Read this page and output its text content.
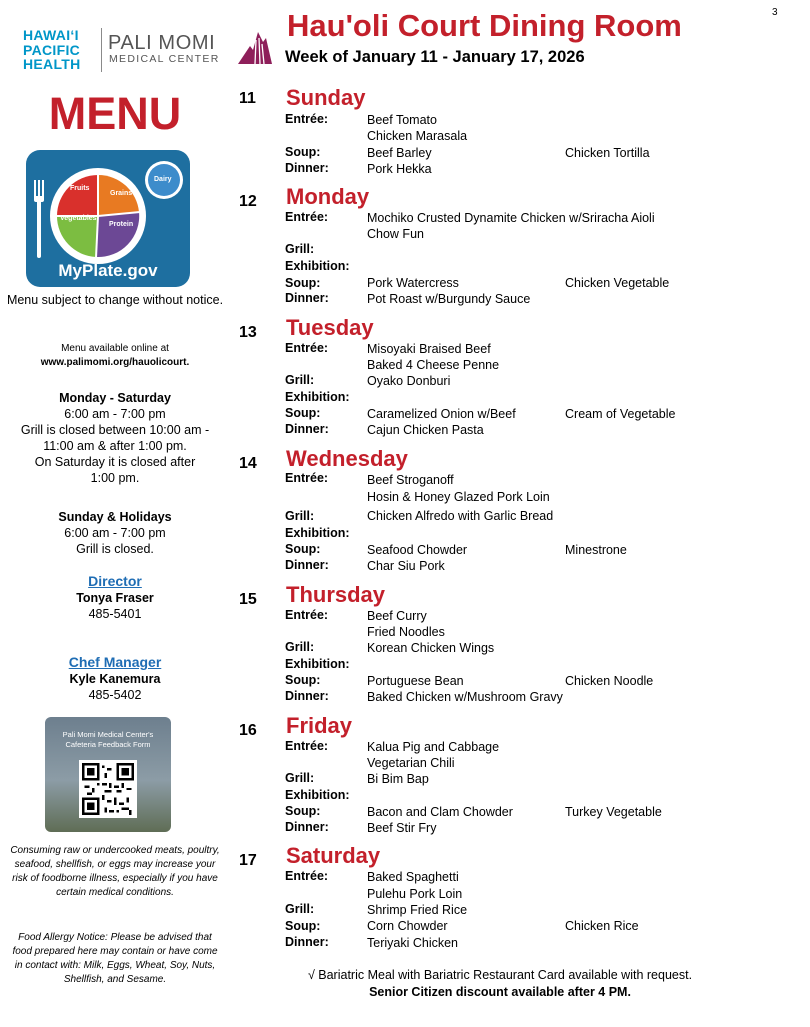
3
HAWAIʻI
PACIFIC
HEALTH
PALI MOMI
MEDICAL CENTER
Hau'oli Court Dining Room
Week of January 11 - January 17, 2026
MENU
Fruits
Grains
Vegetables
Protein
Dairy
MyPlate.gov
Menu subject to change without notice.
Menu available online at
www.palimomi.org/hauolicourt.
Monday - Saturday
6:00 am - 7:00 pm
Grill is closed between 10:00 am -
11:00 am & after 1:00 pm.
On Saturday it is closed after
1:00 pm.
Sunday & Holidays
6:00 am - 7:00 pm
Grill is closed.
Director
Tonya Fraser
485-5401
Chef Manager
Kyle Kanemura
485-5402
Pali Momi Medical Center's
Cafeteria Feedback Form
Consuming raw or undercooked meats, poultry, seafood, shellfish, or eggs may increase your risk of foodborne illness, especially if you have certain medical conditions.
Food Allergy Notice: Please be advised that food prepared here may contain or have come in contact with: Milk, Eggs, Wheat, Soy, Nuts, Shellfish, and Sesame.
11 Sunday
Entrée:	Beef Tomato
Chicken Marasala
Soup:	Beef Barley	Chicken Tortilla
Dinner:	Pork Hekka
12 Monday
Entrée:	Mochiko Crusted Dynamite Chicken w/Sriracha Aioli
Chow Fun
Grill:
Exhibition:
Soup:	Pork Watercress	Chicken Vegetable
Dinner:	Pot Roast w/Burgundy Sauce
13 Tuesday
Entrée:	Misoyaki Braised Beef
Baked 4 Cheese Penne
Grill:	Oyako Donburi
Exhibition:
Soup:	Caramelized Onion w/Beef	Cream of Vegetable
Dinner:	Cajun Chicken Pasta
14 Wednesday
Entrée:	Beef Stroganoff
Hosin & Honey Glazed Pork Loin
Grill:	Chicken Alfredo with Garlic Bread
Exhibition:
Soup:	Seafood Chowder	Minestrone
Dinner:	Char Siu Pork
15 Thursday
Entrée:	Beef Curry
Fried Noodles
Grill:	Korean Chicken Wings
Exhibition:
Soup:	Portuguese Bean	Chicken Noodle
Dinner:	Baked Chicken w/Mushroom Gravy
16 Friday
Entrée:	Kalua Pig and Cabbage
Vegetarian Chili
Grill:	Bi Bim Bap
Exhibition:
Soup:	Bacon and Clam Chowder	Turkey Vegetable
Dinner:	Beef Stir Fry
17 Saturday
Entrée:	Baked Spaghetti
Pulehu Pork Loin
Grill:	Shrimp Fried Rice
Soup:	Corn Chowder	Chicken Rice
Dinner:	Teriyaki Chicken
√ Bariatric Meal with Bariatric Restaurant Card available with request.
Senior Citizen discount available after 4 PM.
